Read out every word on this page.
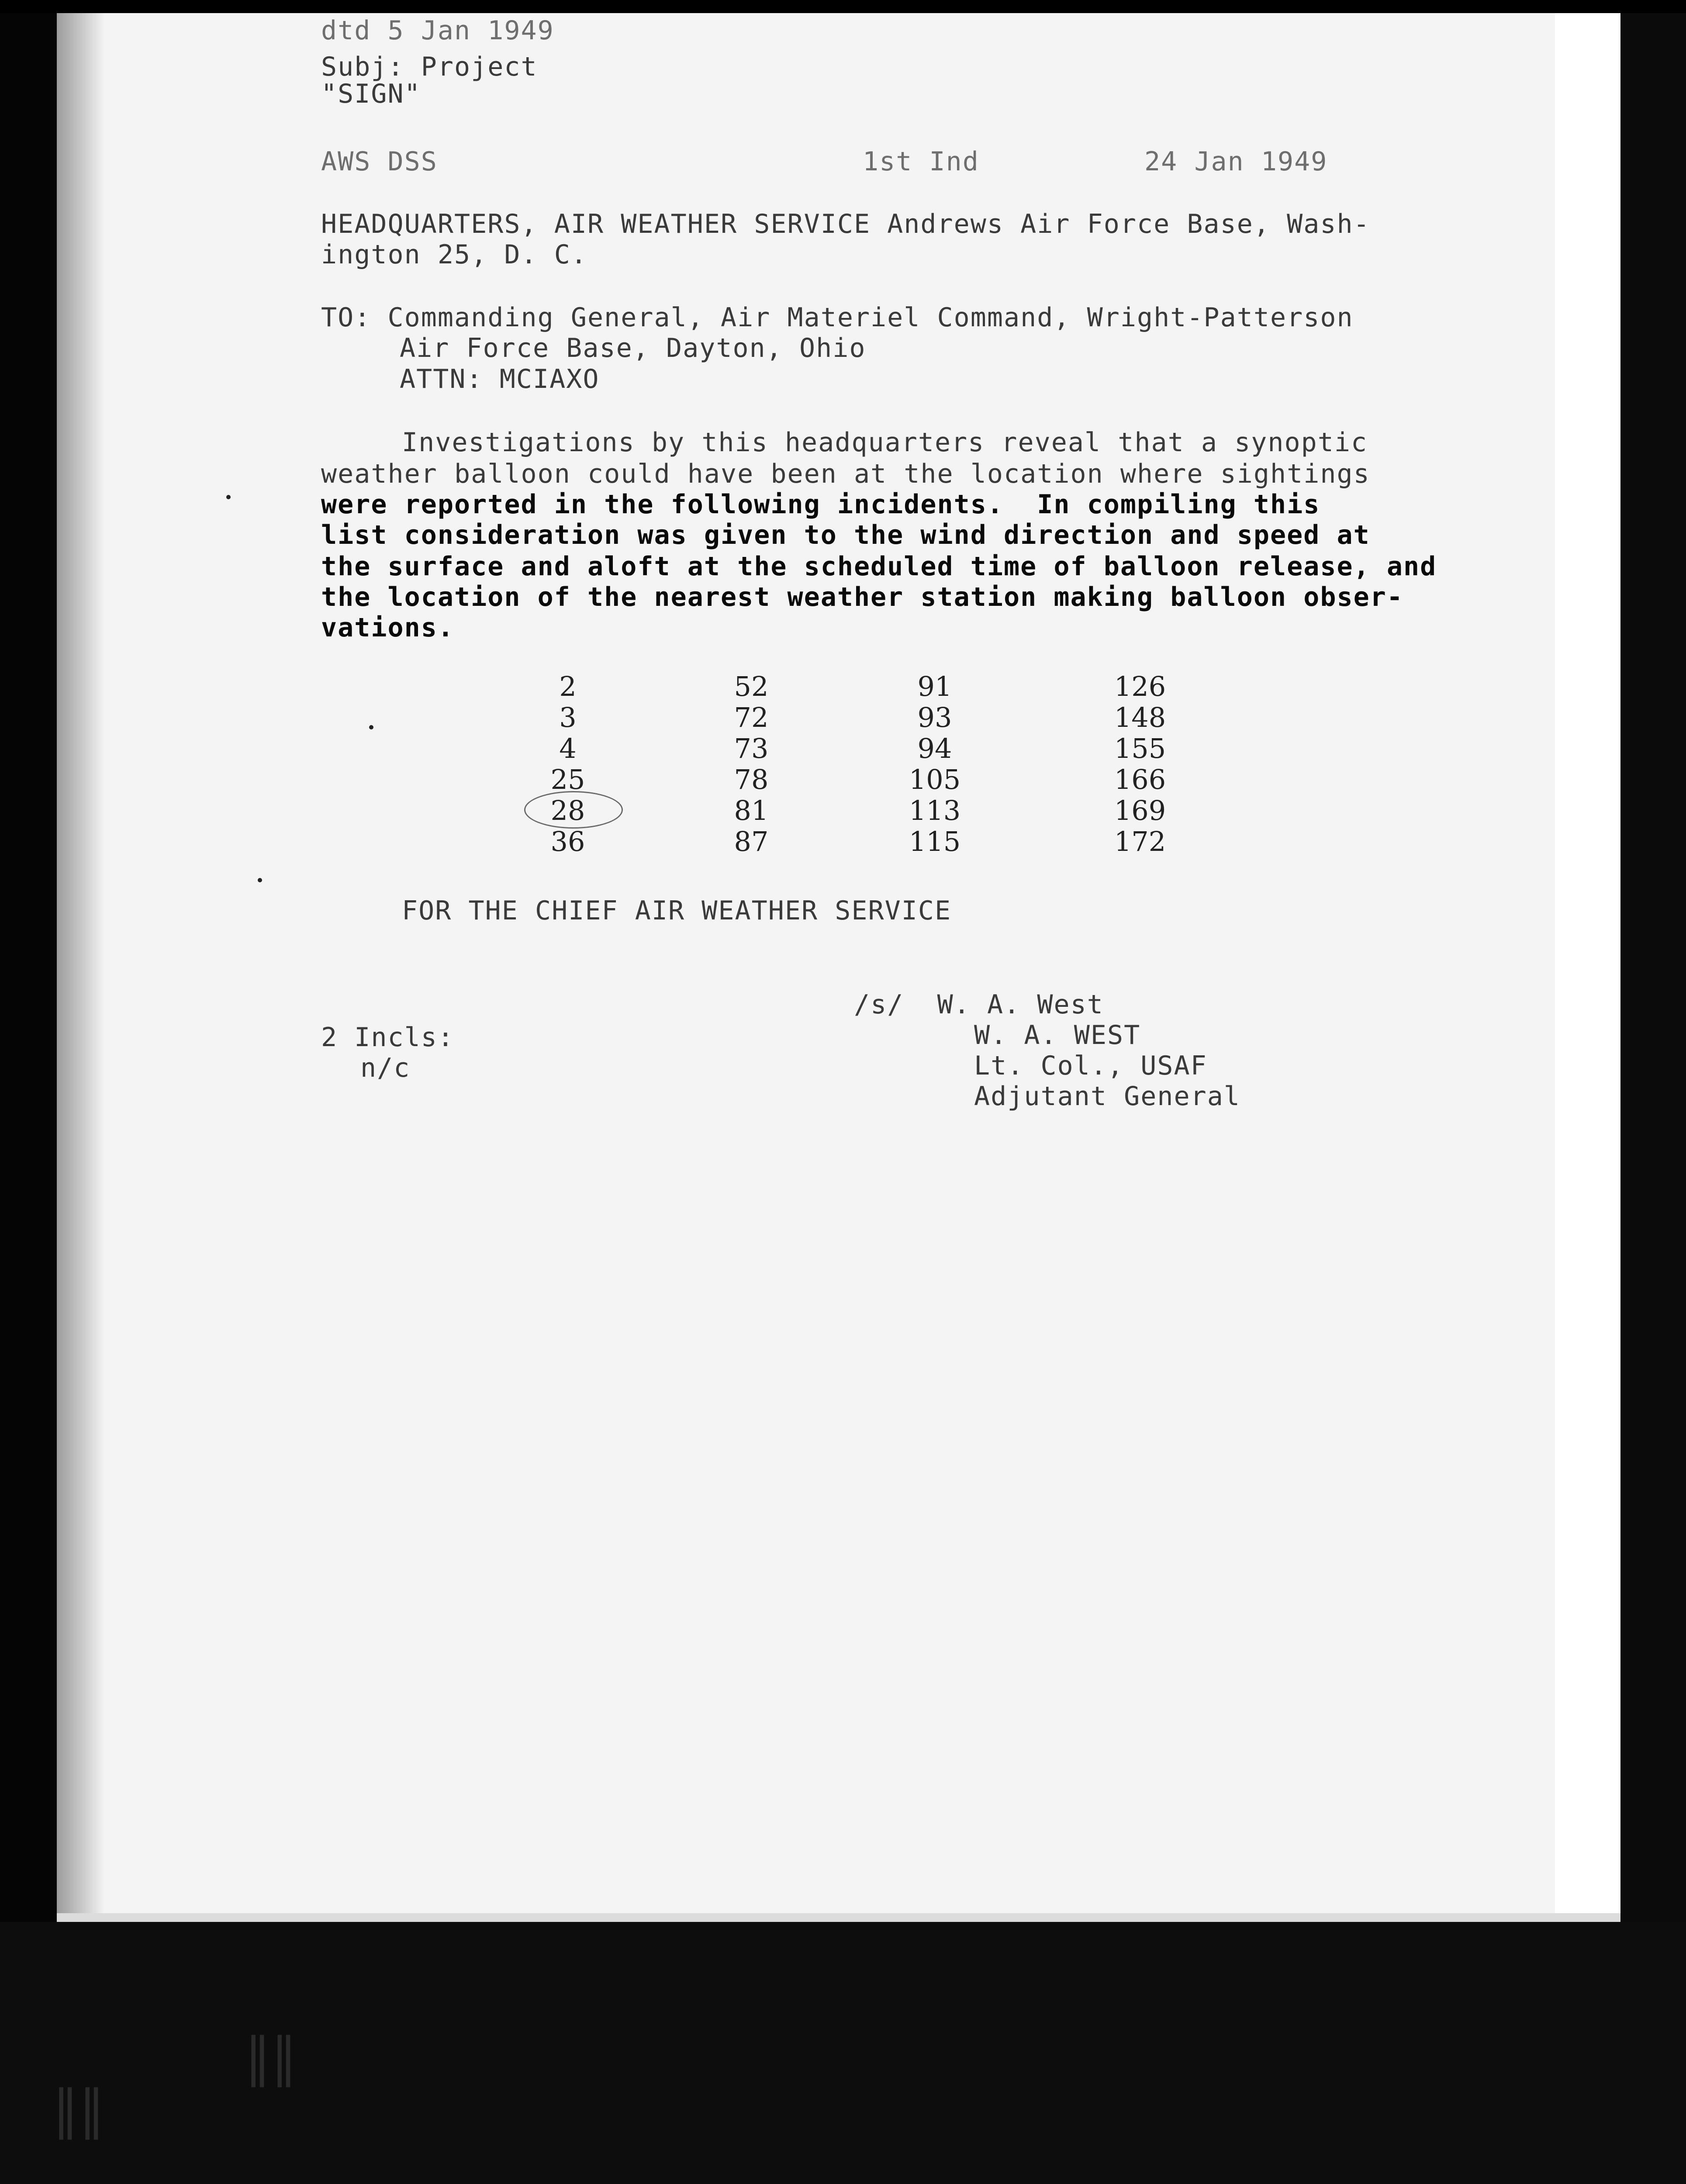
‖‖
‖‖
dtd 5 Jan 1949
Subj: Project
"SIGN"
AWS DSS	1st Ind	24 Jan 1949
HEADQUARTERS, AIR WEATHER SERVICE Andrews Air Force Base, Wash-
ington 25, D. C.
TO: Commanding General, Air Materiel Command, Wright-Patterson
Air Force Base, Dayton, Ohio
ATTN: MCIAXO
Investigations by this headquarters reveal that a synoptic
weather balloon could have been at the location where sightings
were reported in the following incidents.  In compiling this
list consideration was given to the wind direction and speed at
the surface and aloft at the scheduled time of balloon release, and
the location of the nearest weather station making balloon obser-
vations.
2	52	91	126
3	72	93	148
4	73	94	155
25	78	105	166
28	81	113	169
36	87	115	172
FOR THE CHIEF AIR WEATHER SERVICE
2 Incls:
n/c
/s/  W. A. West
W. A. WEST
Lt. Col., USAF
Adjutant General
